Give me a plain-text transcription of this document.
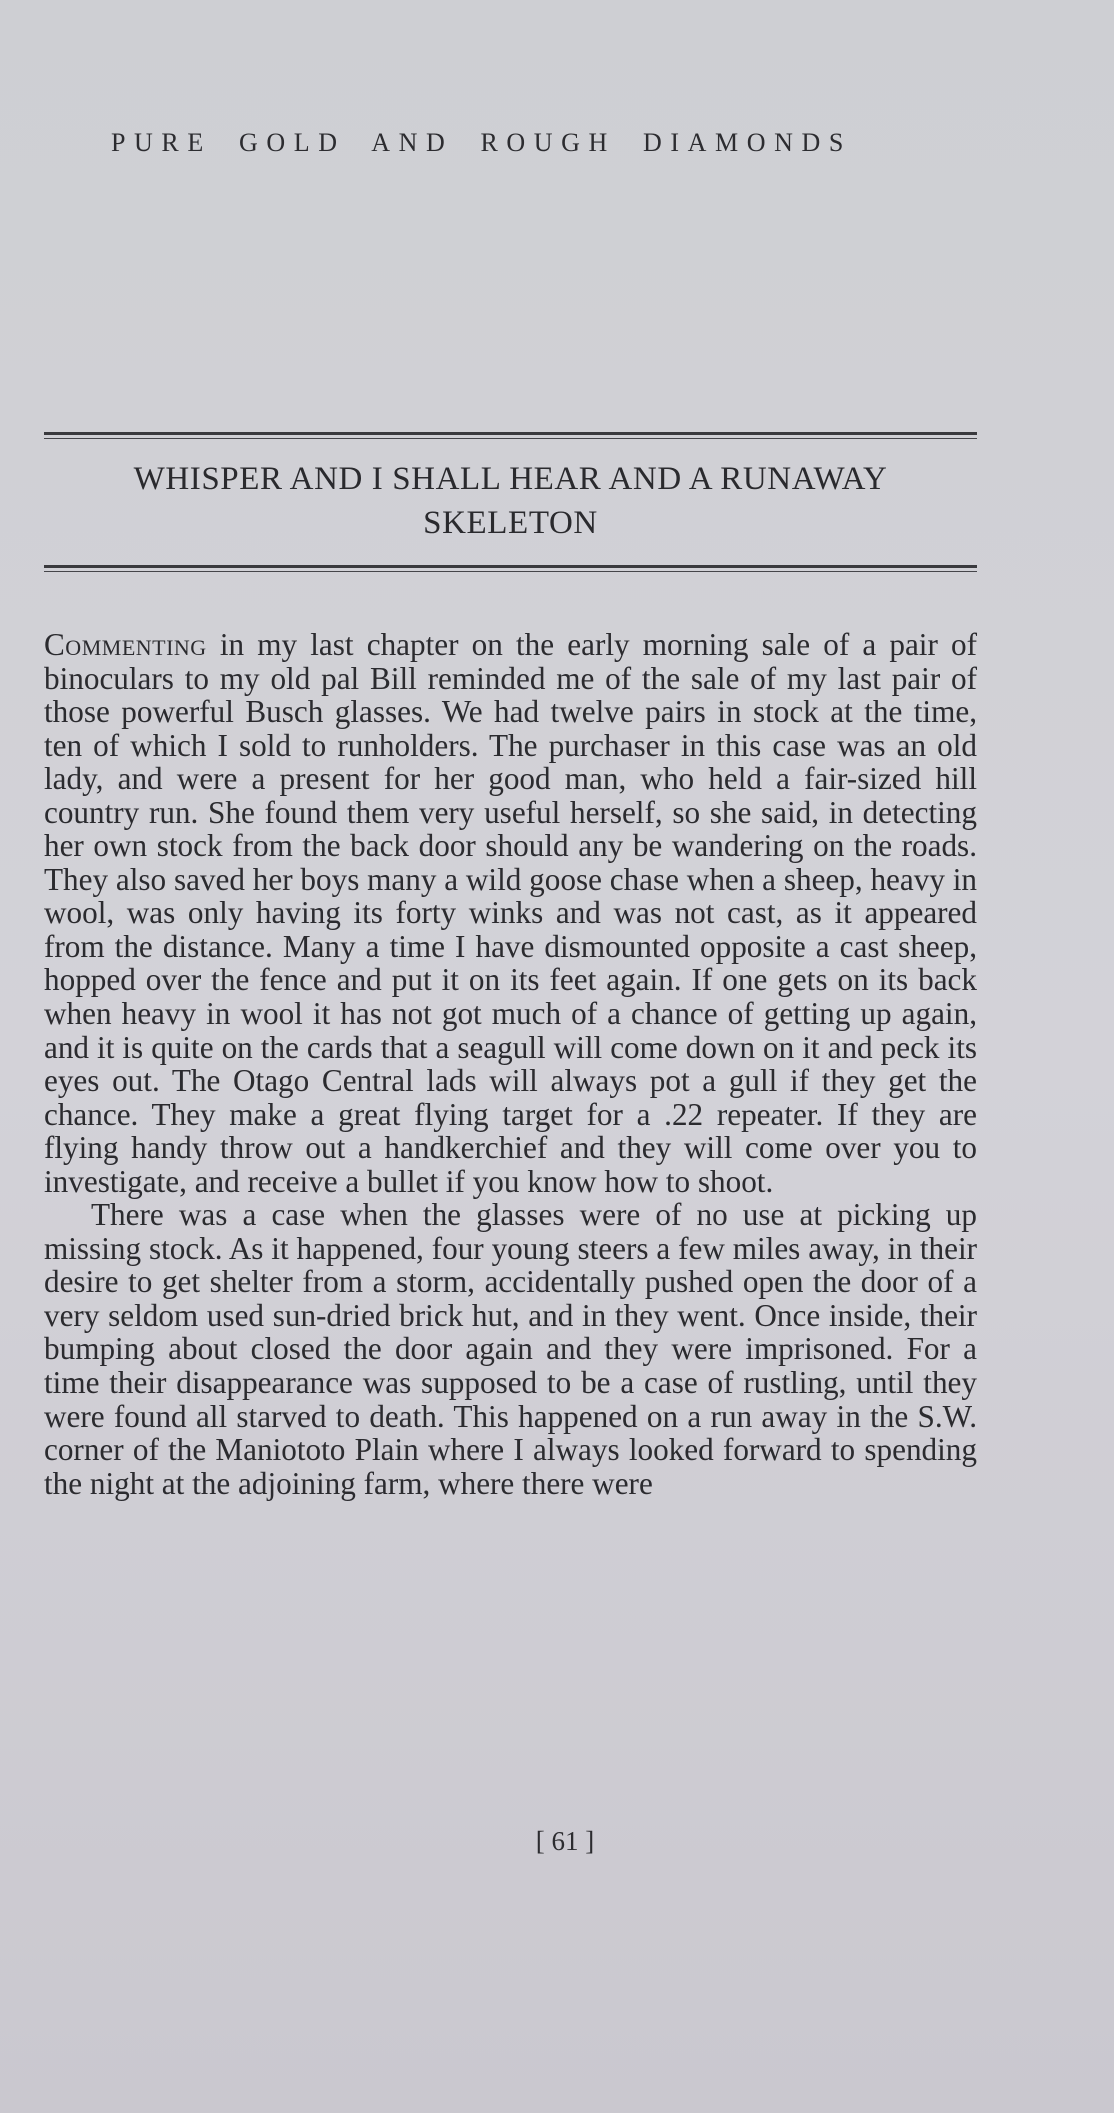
PURE GOLD AND ROUGH DIAMONDS
WHISPER AND I SHALL HEAR AND A RUNAWAY SKELETON

Commenting in my last chapter on the early morning sale of a pair of binoculars to my old pal Bill reminded me of the sale of my last pair of those powerful Busch glasses. We had twelve pairs in stock at the time, ten of which I sold to runholders. The purchaser in this case was an old lady, and were a present for her good man, who held a fair-sized hill country run. She found them very useful herself, so she said, in detecting her own stock from the back door should any be wandering on the roads. They also saved her boys many a wild goose chase when a sheep, heavy in wool, was only having its forty winks and was not cast, as it appeared from the distance. Many a time I have dismounted opposite a cast sheep, hopped over the fence and put it on its feet again. If one gets on its back when heavy in wool it has not got much of a chance of getting up again, and it is quite on the cards that a seagull will come down on it and peck its eyes out. The Otago Central lads will always pot a gull if they get the chance. They make a great flying target for a .22 repeater. If they are flying handy throw out a handkerchief and they will come over you to investigate, and receive a bullet if you know how to shoot.

There was a case when the glasses were of no use at picking up missing stock. As it happened, four young steers a few miles away, in their desire to get shelter from a storm, accidentally pushed open the door of a very seldom used sun-dried brick hut, and in they went. Once inside, their bumping about closed the door again and they were imprisoned. For a time their disappearance was supposed to be a case of rustling, until they were found all starved to death. This happened on a run away in the S.W. corner of the Maniototo Plain where I always looked forward to spending the night at the adjoining farm, where there were

[ 61 ]
